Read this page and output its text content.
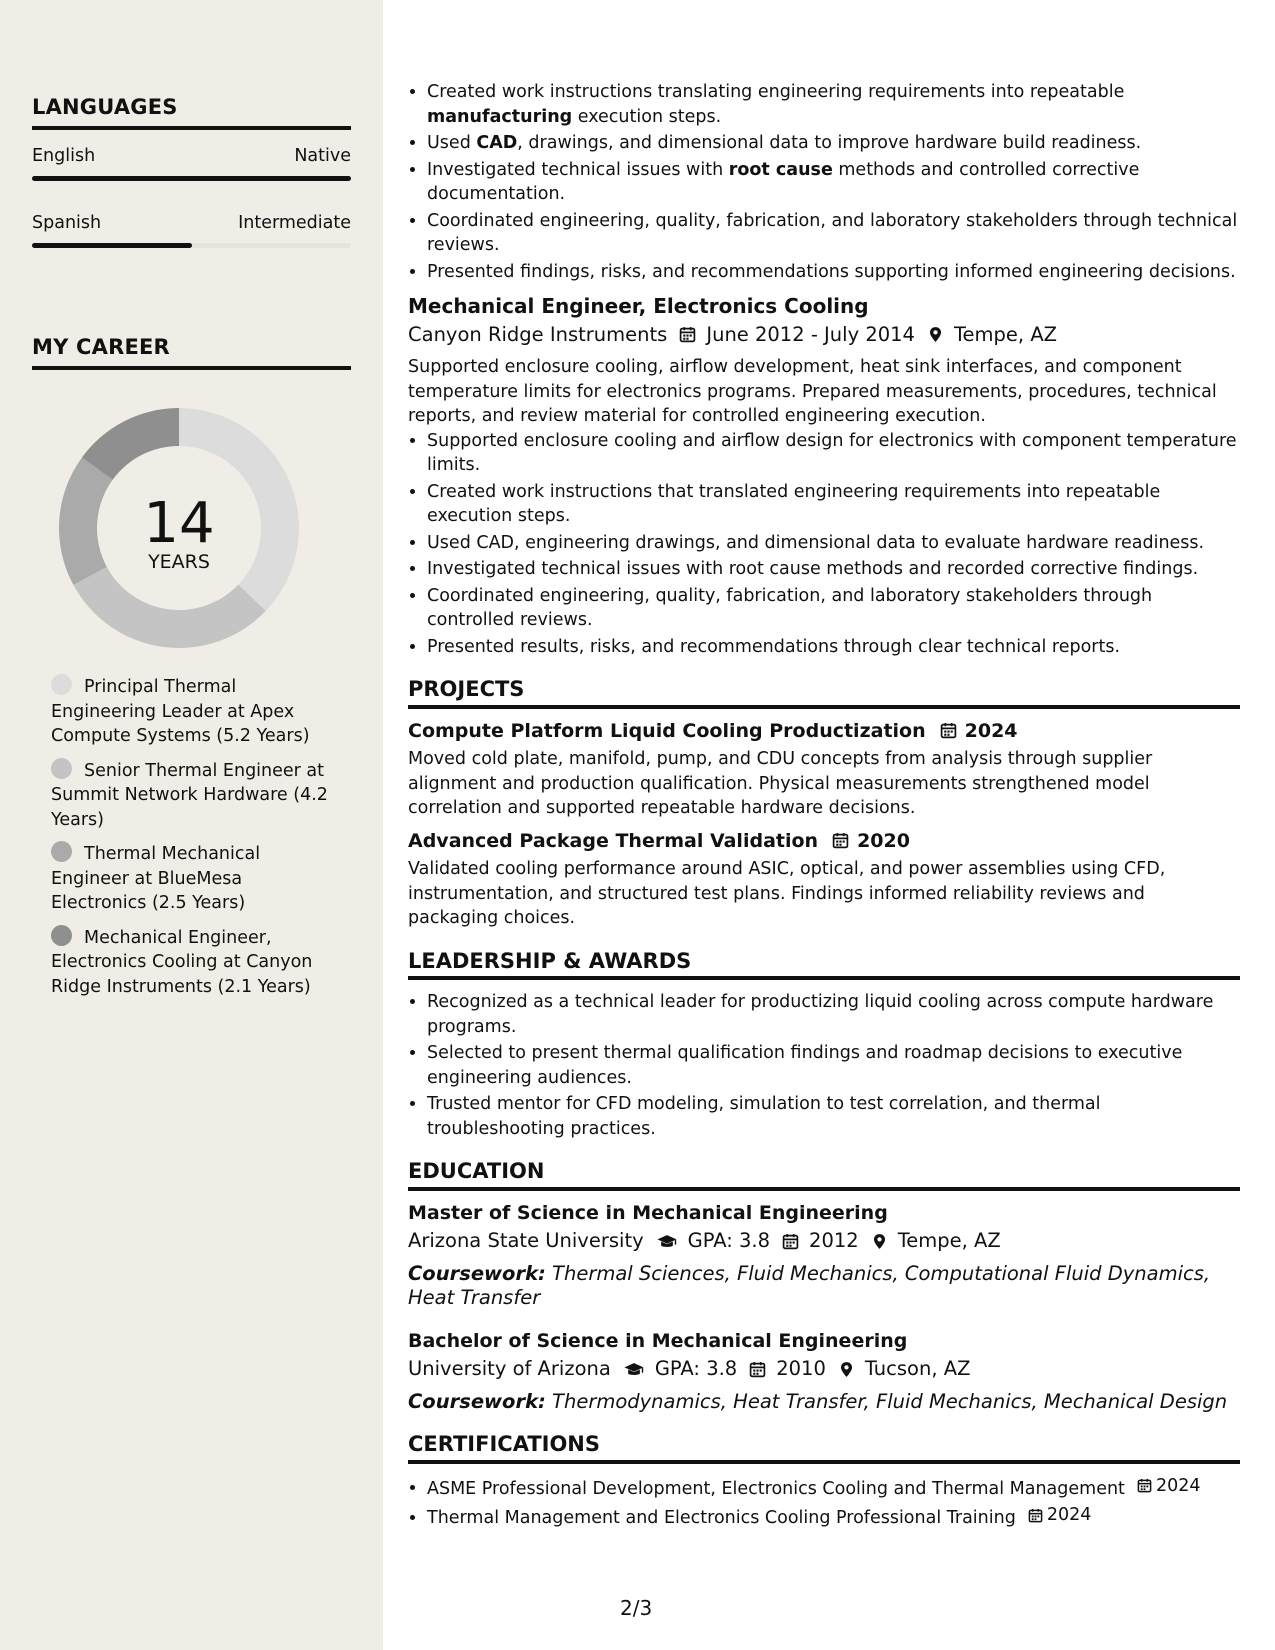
LANGUAGES
English	Native
Spanish	Intermediate
MY CAREER
14
YEARS
Principal Thermal Engineering Leader at Apex Compute Systems (5.2 Years)
Senior Thermal Engineer at Summit Network Hardware (4.2 Years)
Thermal Mechanical Engineer at BlueMesa Electronics (2.5 Years)
Mechanical Engineer, Electronics Cooling at Canyon Ridge Instruments (2.1 Years)
• Created work instructions translating engineering requirements into repeatable manufacturing execution steps.
• Used CAD, drawings, and dimensional data to improve hardware build readiness.
• Investigated technical issues with root cause methods and controlled corrective documentation.
• Coordinated engineering, quality, fabrication, and laboratory stakeholders through technical reviews.
• Presented findings, risks, and recommendations supporting informed engineering decisions.
Mechanical Engineer, Electronics Cooling
Canyon Ridge Instruments June 2012 - July 2014 Tempe, AZ
Supported enclosure cooling, airflow development, heat sink interfaces, and component temperature limits for electronics programs. Prepared measurements, procedures, technical reports, and review material for controlled engineering execution.
• Supported enclosure cooling and airflow design for electronics with component temperature limits.
• Created work instructions that translated engineering requirements into repeatable execution steps.
• Used CAD, engineering drawings, and dimensional data to evaluate hardware readiness.
• Investigated technical issues with root cause methods and recorded corrective findings.
• Coordinated engineering, quality, fabrication, and laboratory stakeholders through controlled reviews.
• Presented results, risks, and recommendations through clear technical reports.
PROJECTS
Compute Platform Liquid Cooling Productization 2024
Moved cold plate, manifold, pump, and CDU concepts from analysis through supplier alignment and production qualification. Physical measurements strengthened model correlation and supported repeatable hardware decisions.
Advanced Package Thermal Validation 2020
Validated cooling performance around ASIC, optical, and power assemblies using CFD, instrumentation, and structured test plans. Findings informed reliability reviews and packaging choices.
LEADERSHIP & AWARDS
• Recognized as a technical leader for productizing liquid cooling across compute hardware programs.
• Selected to present thermal qualification findings and roadmap decisions to executive engineering audiences.
• Trusted mentor for CFD modeling, simulation to test correlation, and thermal troubleshooting practices.
EDUCATION
Master of Science in Mechanical Engineering
Arizona State University GPA: 3.8 2012 Tempe, AZ
Coursework: Thermal Sciences, Fluid Mechanics, Computational Fluid Dynamics, Heat Transfer
Bachelor of Science in Mechanical Engineering
University of Arizona GPA: 3.8 2010 Tucson, AZ
Coursework: Thermodynamics, Heat Transfer, Fluid Mechanics, Mechanical Design
CERTIFICATIONS
• ASME Professional Development, Electronics Cooling and Thermal Management 2024
• Thermal Management and Electronics Cooling Professional Training 2024
2/3
